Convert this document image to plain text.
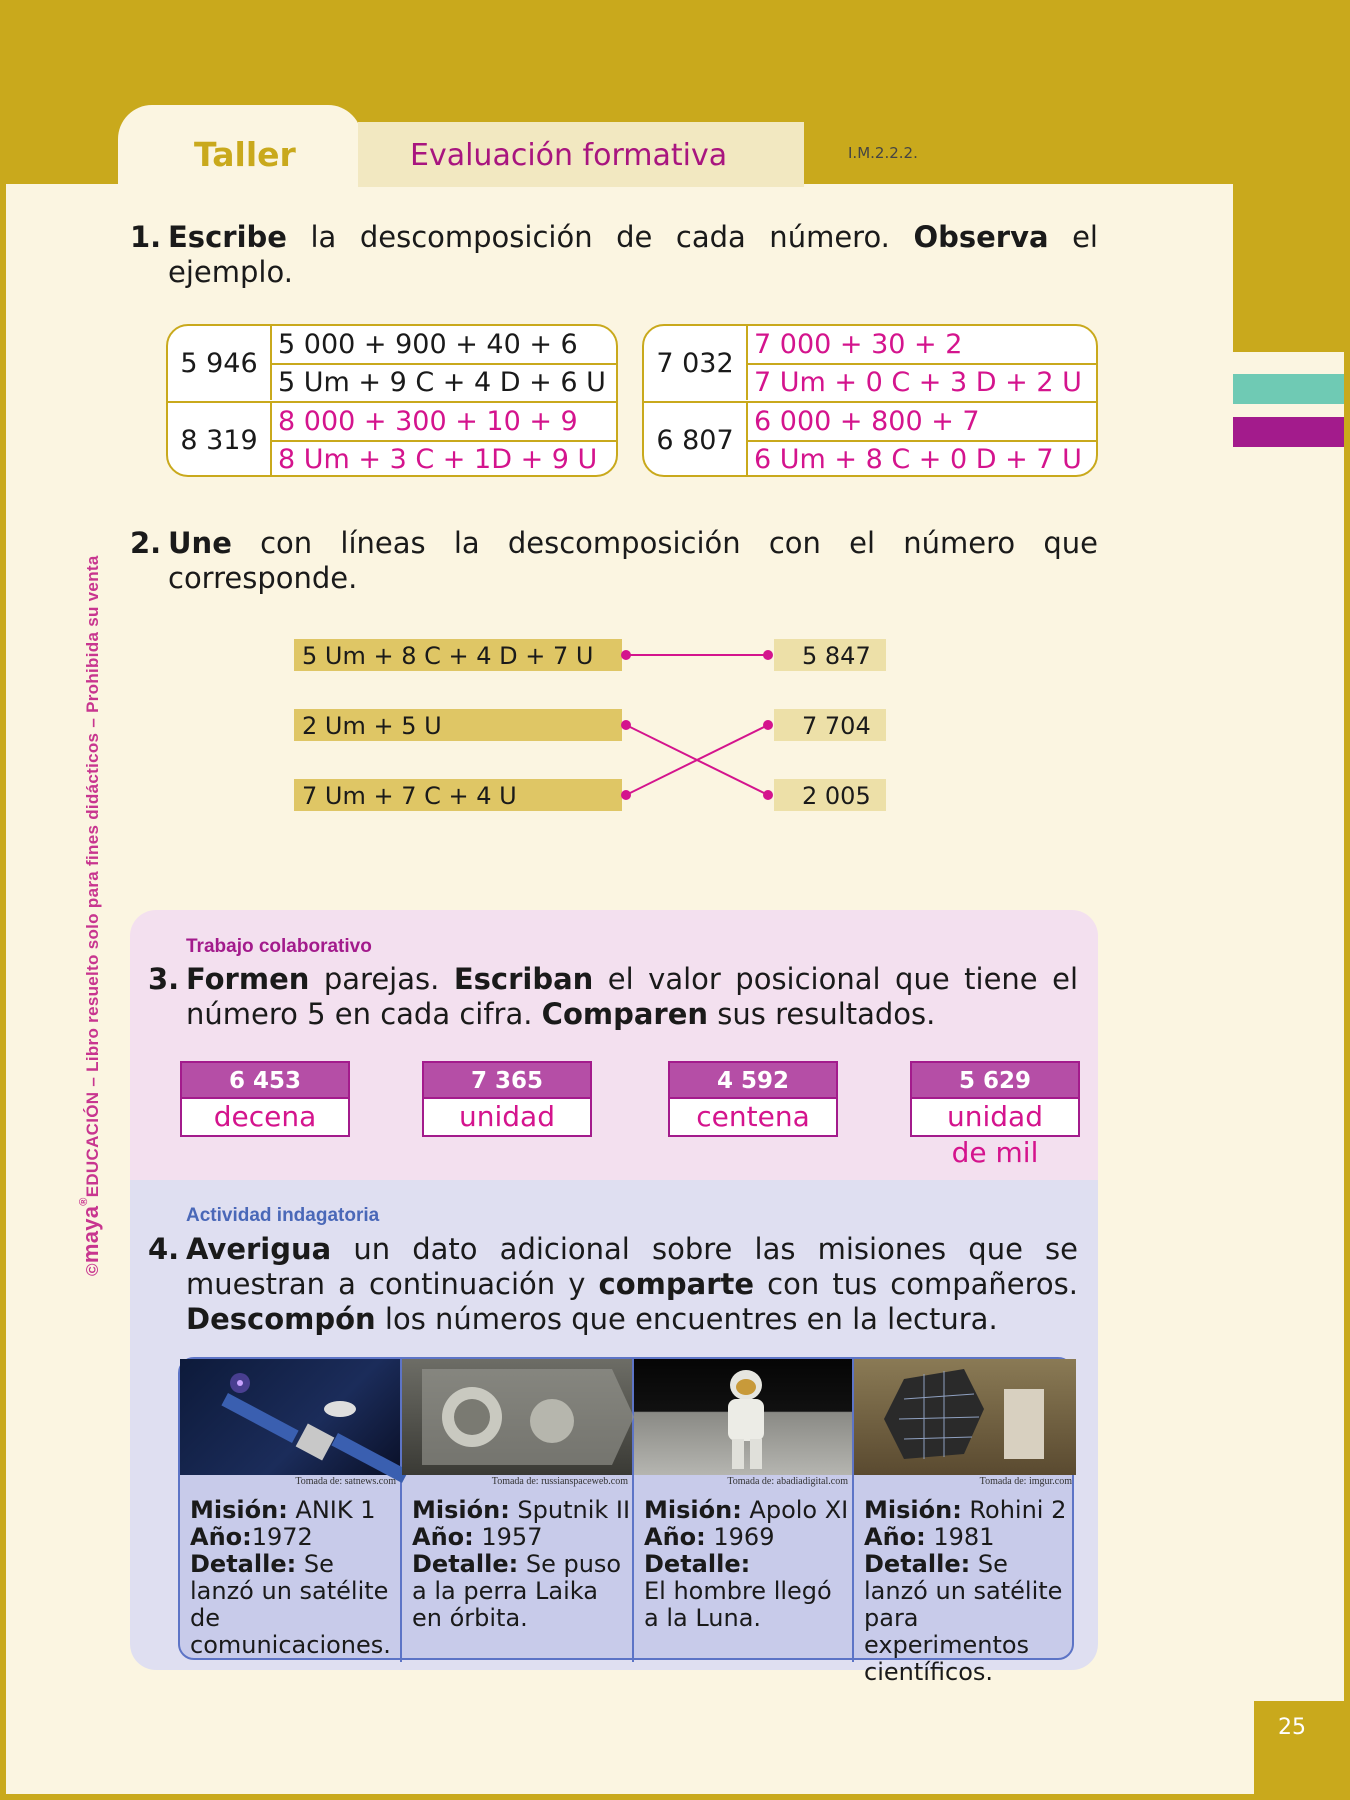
Taller	Evaluación formativa	I.M.2.2.2.
©maya®EDUCACIÓN – Libro resuelto solo para fines didácticos – Prohibida su venta
1. Escribe la descomposición de cada número. Observa el ejemplo.
5 946
5 000 + 900 + 40 + 6
5 Um + 9 C + 4 D + 6 U
8 319
8 000 + 300 + 10 + 9
8 Um + 3 C + 1D + 9 U
7 032
7 000 + 30 + 2
7 Um + 0 C + 3 D + 2 U
6 807
6 000 + 800 + 7
6 Um + 8 C + 0 D + 7 U
2. Une con líneas la descomposición con el número que corresponde.
5 Um + 8 C + 4 D + 7 U
2 Um + 5 U
7 Um + 7 C + 4 U
5 847
7 704
2 005
Trabajo colaborativo
3. Formen parejas. Escriban el valor posicional que tiene el número 5 en cada cifra. Comparen sus resultados.
6 453
decena
7 365
unidad
4 592
centena
5 629
unidad
de mil
Actividad indagatoria
4. Averigua un dato adicional sobre las misiones que se muestran a continuación y comparte con tus compañeros. Descompón los números que encuentres en la lectura.
Tomada de: satnews.com
Misión: ANIK 1
Año:1972
Detalle: Se lanzó un satélite de comunicaciones.
Tomada de: russianspaceweb.com
Misión: Sputnik II
Año: 1957
Detalle: Se puso a la perra Laika en órbita.
Tomada de: abadiadigital.com
Misión: Apolo XI
Año: 1969
Detalle:
El hombre llegó a la Luna.
Tomada de: imgur.com
Misión: Rohini 2
Año: 1981
Detalle: Se lanzó un satélite para experimentos científicos.
25
